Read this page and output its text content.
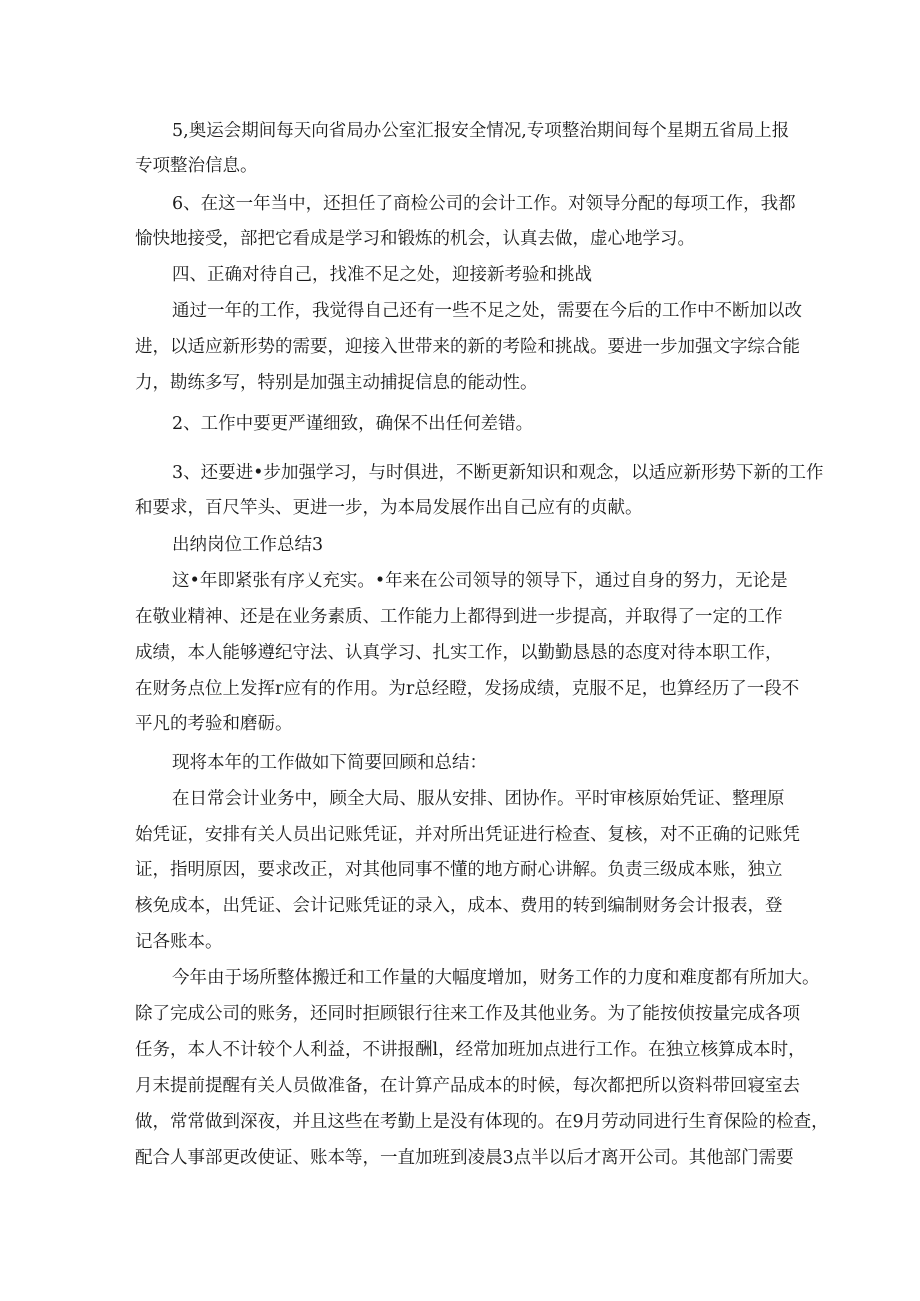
5,奥运会期间每天向省局办公室汇报安全情况,专项整治期间每个星期五省局上报
专项整治信息。
6、在这一年当中，还担任了商检公司的会计工作。对领导分配的每项工作，我都
愉快地接受，部把它看成是学习和锻炼的机会，认真去做，虚心地学习。
四、正确对待自己，找准不足之处，迎接新考验和挑战
通过一年的工作，我觉得自己还有一些不足之处，需要在今后的工作中不断加以改
进，以适应新形势的需要，迎接入世带来的新的考险和挑战。要进一步加强文字综合能
力，勘练多写，特别是加强主动捕捉信息的能动性。
2、工作中要更严谨细致，确保不出任何差错。
3、还要进•步加强学习，与时俱进，不断更新知识和观念，以适应新形势下新的工作
和要求，百尺竿头、更进一步，为本局发展作出自己应有的贞献。
出纳岗位工作总结3
这•年即紧张有序乂充实。•年来在公司领导的领导下，通过自身的努力，无论是
在敬业精神、还是在业务素质、工作能力上都得到进一步提高，并取得了一定的工作
成绩，本人能够遵纪守法、认真学习、扎实工作，以勤勤恳恳的态度对待本职工作，
在财务点位上发挥r应有的作用。为r总经瞪，发扬成绩，克服不足，也算经历了一段不
平凡的考验和磨砺。
现将本年的工作做如下简要回顾和总结：
在日常会计业务中，顾全大局、服从安排、团协作。平时审核原始凭证、整理原
始凭证，安排有关人员出记账凭证，并对所出凭证进行检查、复核，对不正确的记账凭
证，指明原因，要求改正，对其他同事不懂的地方耐心讲解。负责三级成本账，独立
核免成本，出凭证、会计记账凭证的录入，成本、费用的转到编制财务会计报表，登
记各账本。
今年由于场所整体搬迁和工作量的大幅度增加，财务工作的力度和难度都有所加大。
除了完成公司的账务，还同时拒顾银行往来工作及其他业务。为了能按侦按量完成各项
任务，本人不计较个人利益，不讲报酬l，经常加班加点进行工作。在独立核算成本时，
月末提前提醒有关人员做准备，在计算产品成本的时候，每次都把所以资料带回寝室去
做，常常做到深夜，并且这些在考勤上是没有体现的。在9月劳动同进行生育保险的检查，
配合人事部更改使证、账本等，一直加班到凌晨3点半以后才离开公司。其他部门需要
